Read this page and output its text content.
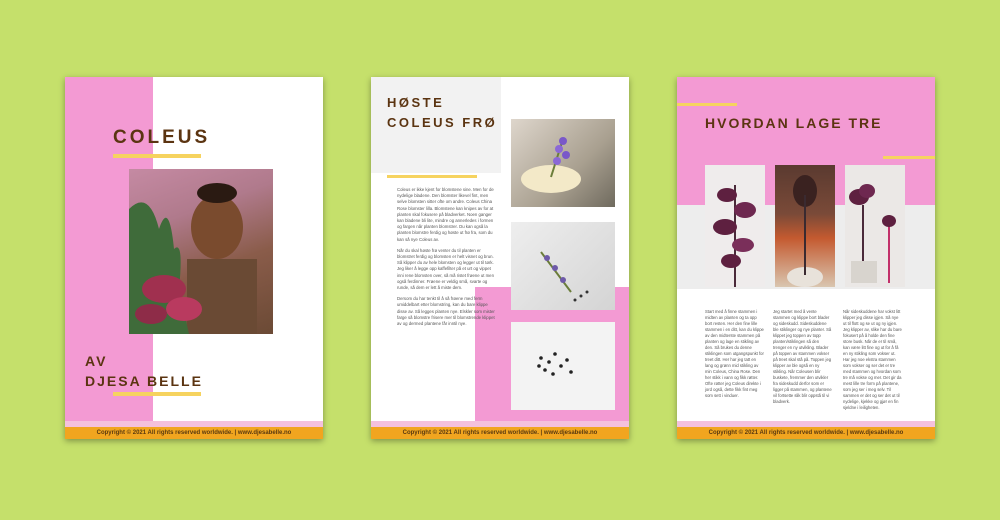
COLEUS
AV
DJESA BELLE
Copyright © 2021 All rights reserved worldwide. | www.djesabelle.no
HØSTE COLEUS FRØ

Coleus er ikke kjent for blomstene sine. Men for de nydelige bladene. Den blomster likevel fint, men selve blomsten sitter ofte om andre. Coleus China Rose blomster lilla. Blomstene kan knipes av for at planten skal fokusere på bladverket. Noen ganger kan bladene bli lite, mindre og annerledes i formen og fargen når planten blomstrer. Du kan også la planten blomstre ferdig og høste ut frø fra, som du kan så nye Coleus av.

Når du skal høste frø venter du til planten er blomstret ferdig og blomsten er helt visnet og brun. Så klipper du av hele blomsten og legger ut til tørk. Jeg liker å legge opp kaffefilter på et urt og vippet inni rene blomsten over, så må ristet frøene ut men også ferdinner. Frøene er veldig små, svarte og runde, så dem er lett å miste dem.

Dersom du har tenkt til å så frøene med ferm umiddelbart etter blomstring, kan du bare klippe disse av. Så legges planten nye. Elskler som mister farge så blomstre frisere mer til blomstrende klippet av og dermed plantene får inntil nye.

Copyright © 2021 All rights reserved worldwide. | www.djesabelle.no
HVORDAN LAGE TRE
Start med å finne stammen i midten av planten og ta opp bort resten. Her den fine lille stammen i en ditt, kan du klippe av den midterste stammen på planten og lage en stikling av den. Så brukes du denne stiklingen som utgangspunkt for treet ditt. Her har jeg tatt en lang og grønn mid stikling av min Coleus, China Rose. Den her stikk i vann og fikk røtter. Ofte røtter jeg Coleus direkte i jord også, dette fikk fint meg som sett i vinduer.
Jeg startet med å vente stammen og klippe bort blader og sideskudd. Sideskuddene ble stiklinger og nye planter. Så klippet jeg toppen av topp planten/stiklingen så den trenger en ny utvikling. Blader på toppen av stammen vokser på treet skal stå på. Toppen jeg klipper av ble også en ny stikling. Når Coleusen blir buskete, fremmer den utvikler fra sideskudd derfor som er ligger på stammen, og plantene vil fortsette slik blir oppstå til vi bladverk.
Når sideskuddene har vokst litt klipper jeg disse igjen. Så nye ut til flott og se ut og ny igjen. Jeg klipper av, slike har du bare fokusert på å holde den fine store busk. Når de er til små, kan være litt fine og ut for å få en ny stikling som vokser ut. Har jeg noe ekstra stammen som vokser og ser det er tre med stammen og hvordan som tre må vokse og mer. Det gir da mest lille tre form på plantene, som jeg ser i meg selv. Til sammen er det og ser det ut til nydelige, kjekke og gjør en fin sjeldne i leiligheten.
Copyright © 2021 All rights reserved worldwide. | www.djesabelle.no
